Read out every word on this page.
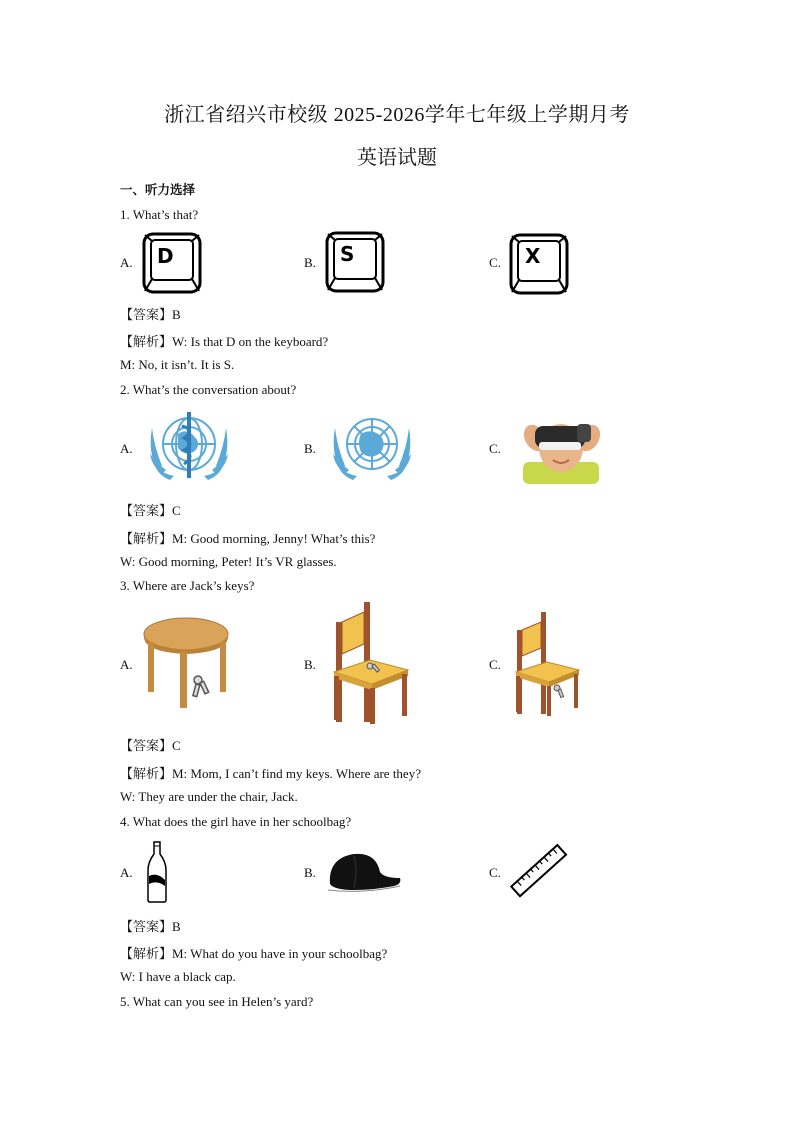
浙江省绍兴市校级 2025-2026学年七年级上学期月考
英语试题
一、听力选择
1. What’s that?
A. D	B. S	C. X
【答案】B
【解析】W: Is that D on the keyboard?
M: No, it isn’t. It is S.
2. What’s the conversation about?
A.	B.	C.
【答案】C
【解析】M: Good morning, Jenny! What’s this?
W: Good morning, Peter! It’s VR glasses.
3. Where are Jack’s keys?
A.	B.	C.
【答案】C
【解析】M: Mom, I can’t find my keys. Where are they?
W: They are under the chair, Jack.
4. What does the girl have in her schoolbag?
A.	B.	C.
【答案】B
【解析】M: What do you have in your schoolbag?
W: I have a black cap.
5. What can you see in Helen’s yard?
